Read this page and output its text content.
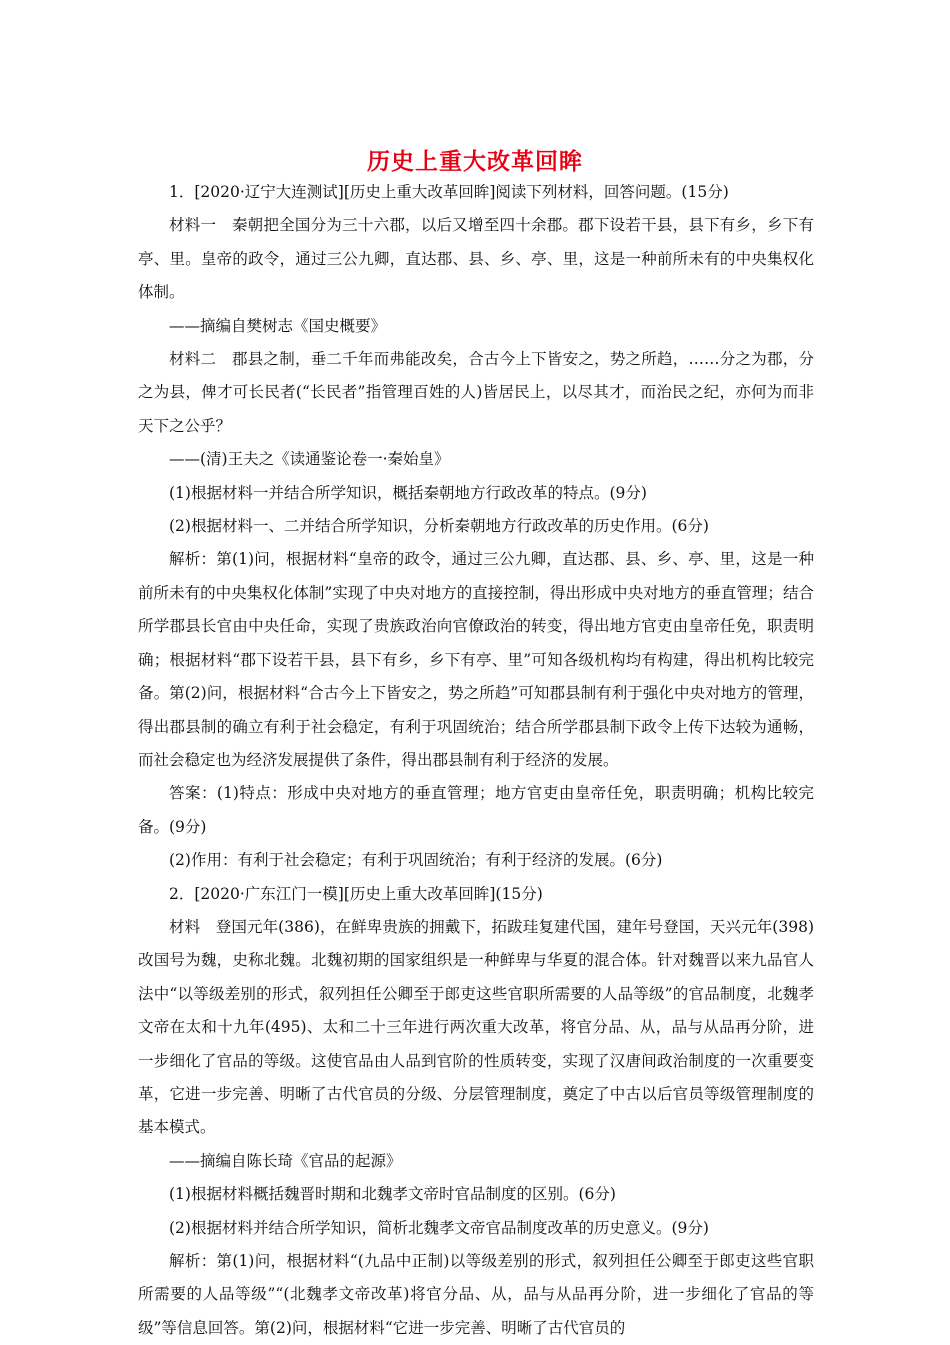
历史上重大改革回眸

1．[2020·辽宁大连测试][历史上重大改革回眸]阅读下列材料，回答问题。(15分)

材料一　秦朝把全国分为三十六郡，以后又增至四十余郡。郡下设若干县，县下有乡，乡下有亭、里。皇帝的政令，通过三公九卿，直达郡、县、乡、亭、里，这是一种前所未有的中央集权化体制。

——摘编自樊树志《国史概要》

材料二　郡县之制，垂二千年而弗能改矣，合古今上下皆安之，势之所趋，……分之为郡，分之为县，俾才可长民者(“长民者”指管理百姓的人)皆居民上，以尽其才，而治民之纪，亦何为而非天下之公乎？

——(清)王夫之《读通鉴论卷一·秦始皇》

(1)根据材料一并结合所学知识，概括秦朝地方行政改革的特点。(9分)

(2)根据材料一、二并结合所学知识，分析秦朝地方行政改革的历史作用。(6分)

解析：第(1)问，根据材料“皇帝的政令，通过三公九卿，直达郡、县、乡、亭、里，这是一种前所未有的中央集权化体制”实现了中央对地方的直接控制，得出形成中央对地方的垂直管理；结合所学郡县长官由中央任命，实现了贵族政治向官僚政治的转变，得出地方官吏由皇帝任免，职责明确；根据材料“郡下设若干县，县下有乡，乡下有亭、里”可知各级机构均有构建，得出机构比较完备。第(2)问，根据材料“合古今上下皆安之，势之所趋”可知郡县制有利于强化中央对地方的管理，得出郡县制的确立有利于社会稳定，有利于巩固统治；结合所学郡县制下政令上传下达较为通畅，而社会稳定也为经济发展提供了条件，得出郡县制有利于经济的发展。

答案：(1)特点：形成中央对地方的垂直管理；地方官吏由皇帝任免，职责明确；机构比较完备。(9分)

(2)作用：有利于社会稳定；有利于巩固统治；有利于经济的发展。(6分)

2．[2020·广东江门一模][历史上重大改革回眸](15分)

材料　登国元年(386)，在鲜卑贵族的拥戴下，拓跋珪复建代国，建年号登国，天兴元年(398)改国号为魏，史称北魏。北魏初期的国家组织是一种鲜卑与华夏的混合体。针对魏晋以来九品官人法中“以等级差别的形式，叙列担任公卿至于郎吏这些官职所需要的人品等级”的官品制度，北魏孝文帝在太和十九年(495)、太和二十三年进行两次重大改革，将官分品、从，品与从品再分阶，进一步细化了官品的等级。这使官品由人品到官阶的性质转变，实现了汉唐间政治制度的一次重要变革，它进一步完善、明晰了古代官员的分级、分层管理制度，奠定了中古以后官员等级管理制度的基本模式。

——摘编自陈长琦《官品的起源》

(1)根据材料概括魏晋时期和北魏孝文帝时官品制度的区别。(6分)

(2)根据材料并结合所学知识，简析北魏孝文帝官品制度改革的历史意义。(9分)

解析：第(1)问，根据材料“(九品中正制)以等级差别的形式，叙列担任公卿至于郎吏这些官职所需要的人品等级”“(北魏孝文帝改革)将官分品、从，品与从品再分阶，进一步细化了官品的等级”等信息回答。第(2)问，根据材料“它进一步完善、明晰了古代官员的
